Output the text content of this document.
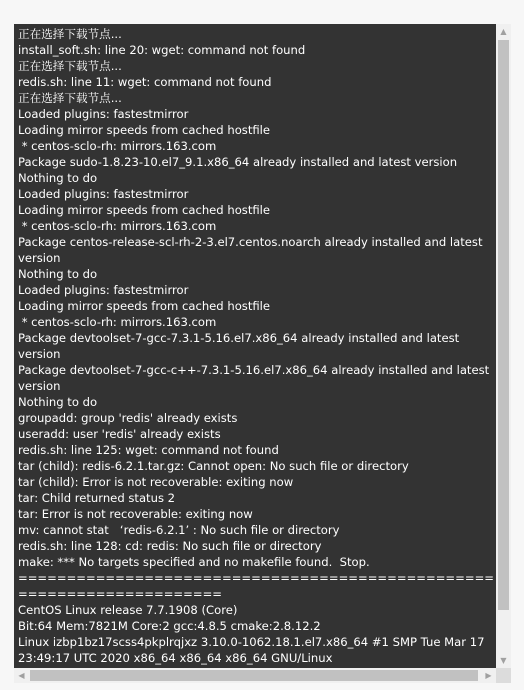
正在选择下载节点...
install_soft.sh: line 20: wget: command not found
正在选择下载节点...
redis.sh: line 11: wget: command not found
正在选择下载节点...
Loaded plugins: fastestmirror
Loading mirror speeds from cached hostfile
* centos-sclo-rh: mirrors.163.com
Package sudo-1.8.23-10.el7_9.1.x86_64 already installed and latest version
Nothing to do
Loaded plugins: fastestmirror
Loading mirror speeds from cached hostfile
* centos-sclo-rh: mirrors.163.com
Package centos-release-scl-rh-2-3.el7.centos.noarch already installed and latest version
Nothing to do
Loaded plugins: fastestmirror
Loading mirror speeds from cached hostfile
* centos-sclo-rh: mirrors.163.com
Package devtoolset-7-gcc-7.3.1-5.16.el7.x86_64 already installed and latest version
Package devtoolset-7-gcc-c++-7.3.1-5.16.el7.x86_64 already installed and latest version
Nothing to do
groupadd: group 'redis' already exists
useradd: user 'redis' already exists
redis.sh: line 125: wget: command not found
tar (child): redis-6.2.1.tar.gz: Cannot open: No such file or directory
tar (child): Error is not recoverable: exiting now
tar: Child returned status 2
tar: Error is not recoverable: exiting now
mv: cannot stat   ‘redis-6.2.1’ : No such file or directory
redis.sh: line 128: cd: redis: No such file or directory
make: *** No targets specified and no makefile found.  Stop.
======================================================================
CentOS Linux release 7.7.1908 (Core)
Bit:64 Mem:7821M Core:2 gcc:4.8.5 cmake:2.8.12.2
Linux izbp1bz17scss4pkplrqjxz 3.10.0-1062.18.1.el7.x86_64 #1 SMP Tue Mar 17 23:49:17 UTC 2020 x86_64 x86_64 x86_64 GNU/Linux
▲
▼
◀	▶
